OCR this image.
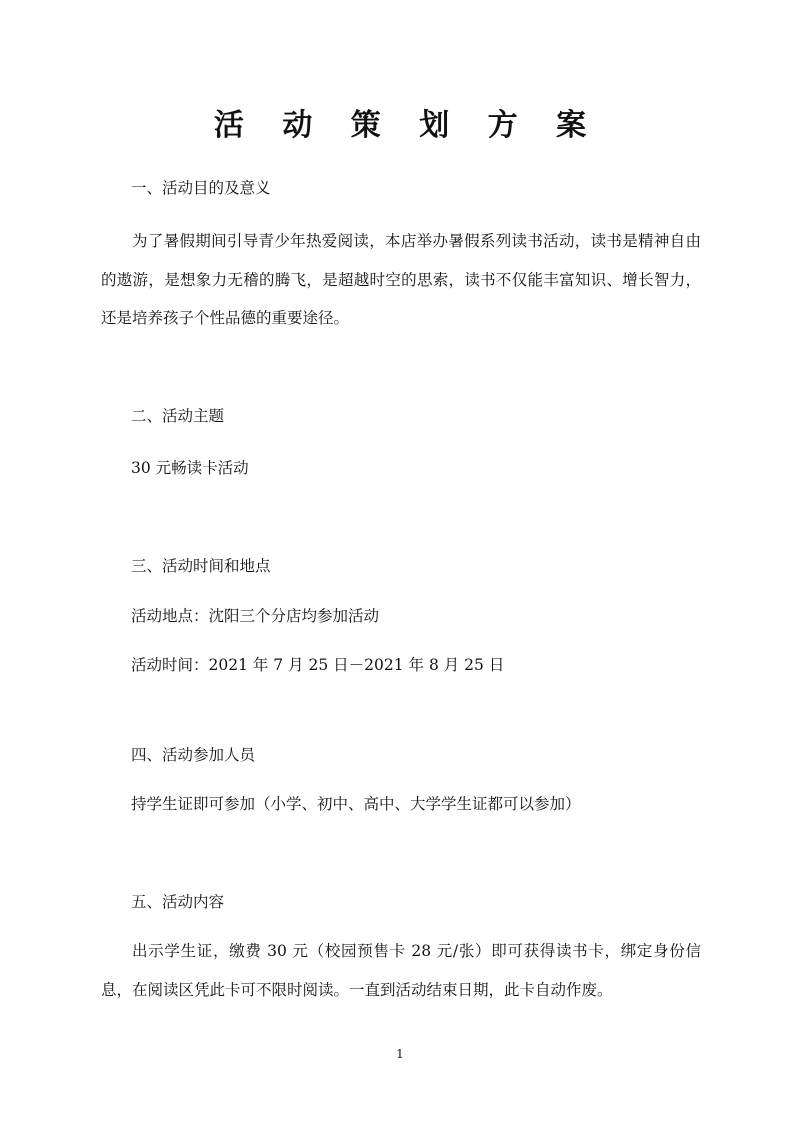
活 动 策 划 方 案
一、活动目的及意义
为了暑假期间引导青少年热爱阅读，本店举办暑假系列读书活动，读书是精神自由的遨游，是想象力无稽的腾飞，是超越时空的思索，读书不仅能丰富知识、增长智力，还是培养孩子个性品德的重要途径。
二、活动主题
30 元畅读卡活动
三、活动时间和地点
活动地点：沈阳三个分店均参加活动
活动时间：2021 年 7 月 25 日－2021 年 8 月 25 日
四、活动参加人员
持学生证即可参加（小学、初中、高中、大学学生证都可以参加）
五、活动内容
出示学生证，缴费 30 元（校园预售卡 28 元/张）即可获得读书卡，绑定身份信息，在阅读区凭此卡可不限时阅读。一直到活动结束日期，此卡自动作废。
1
